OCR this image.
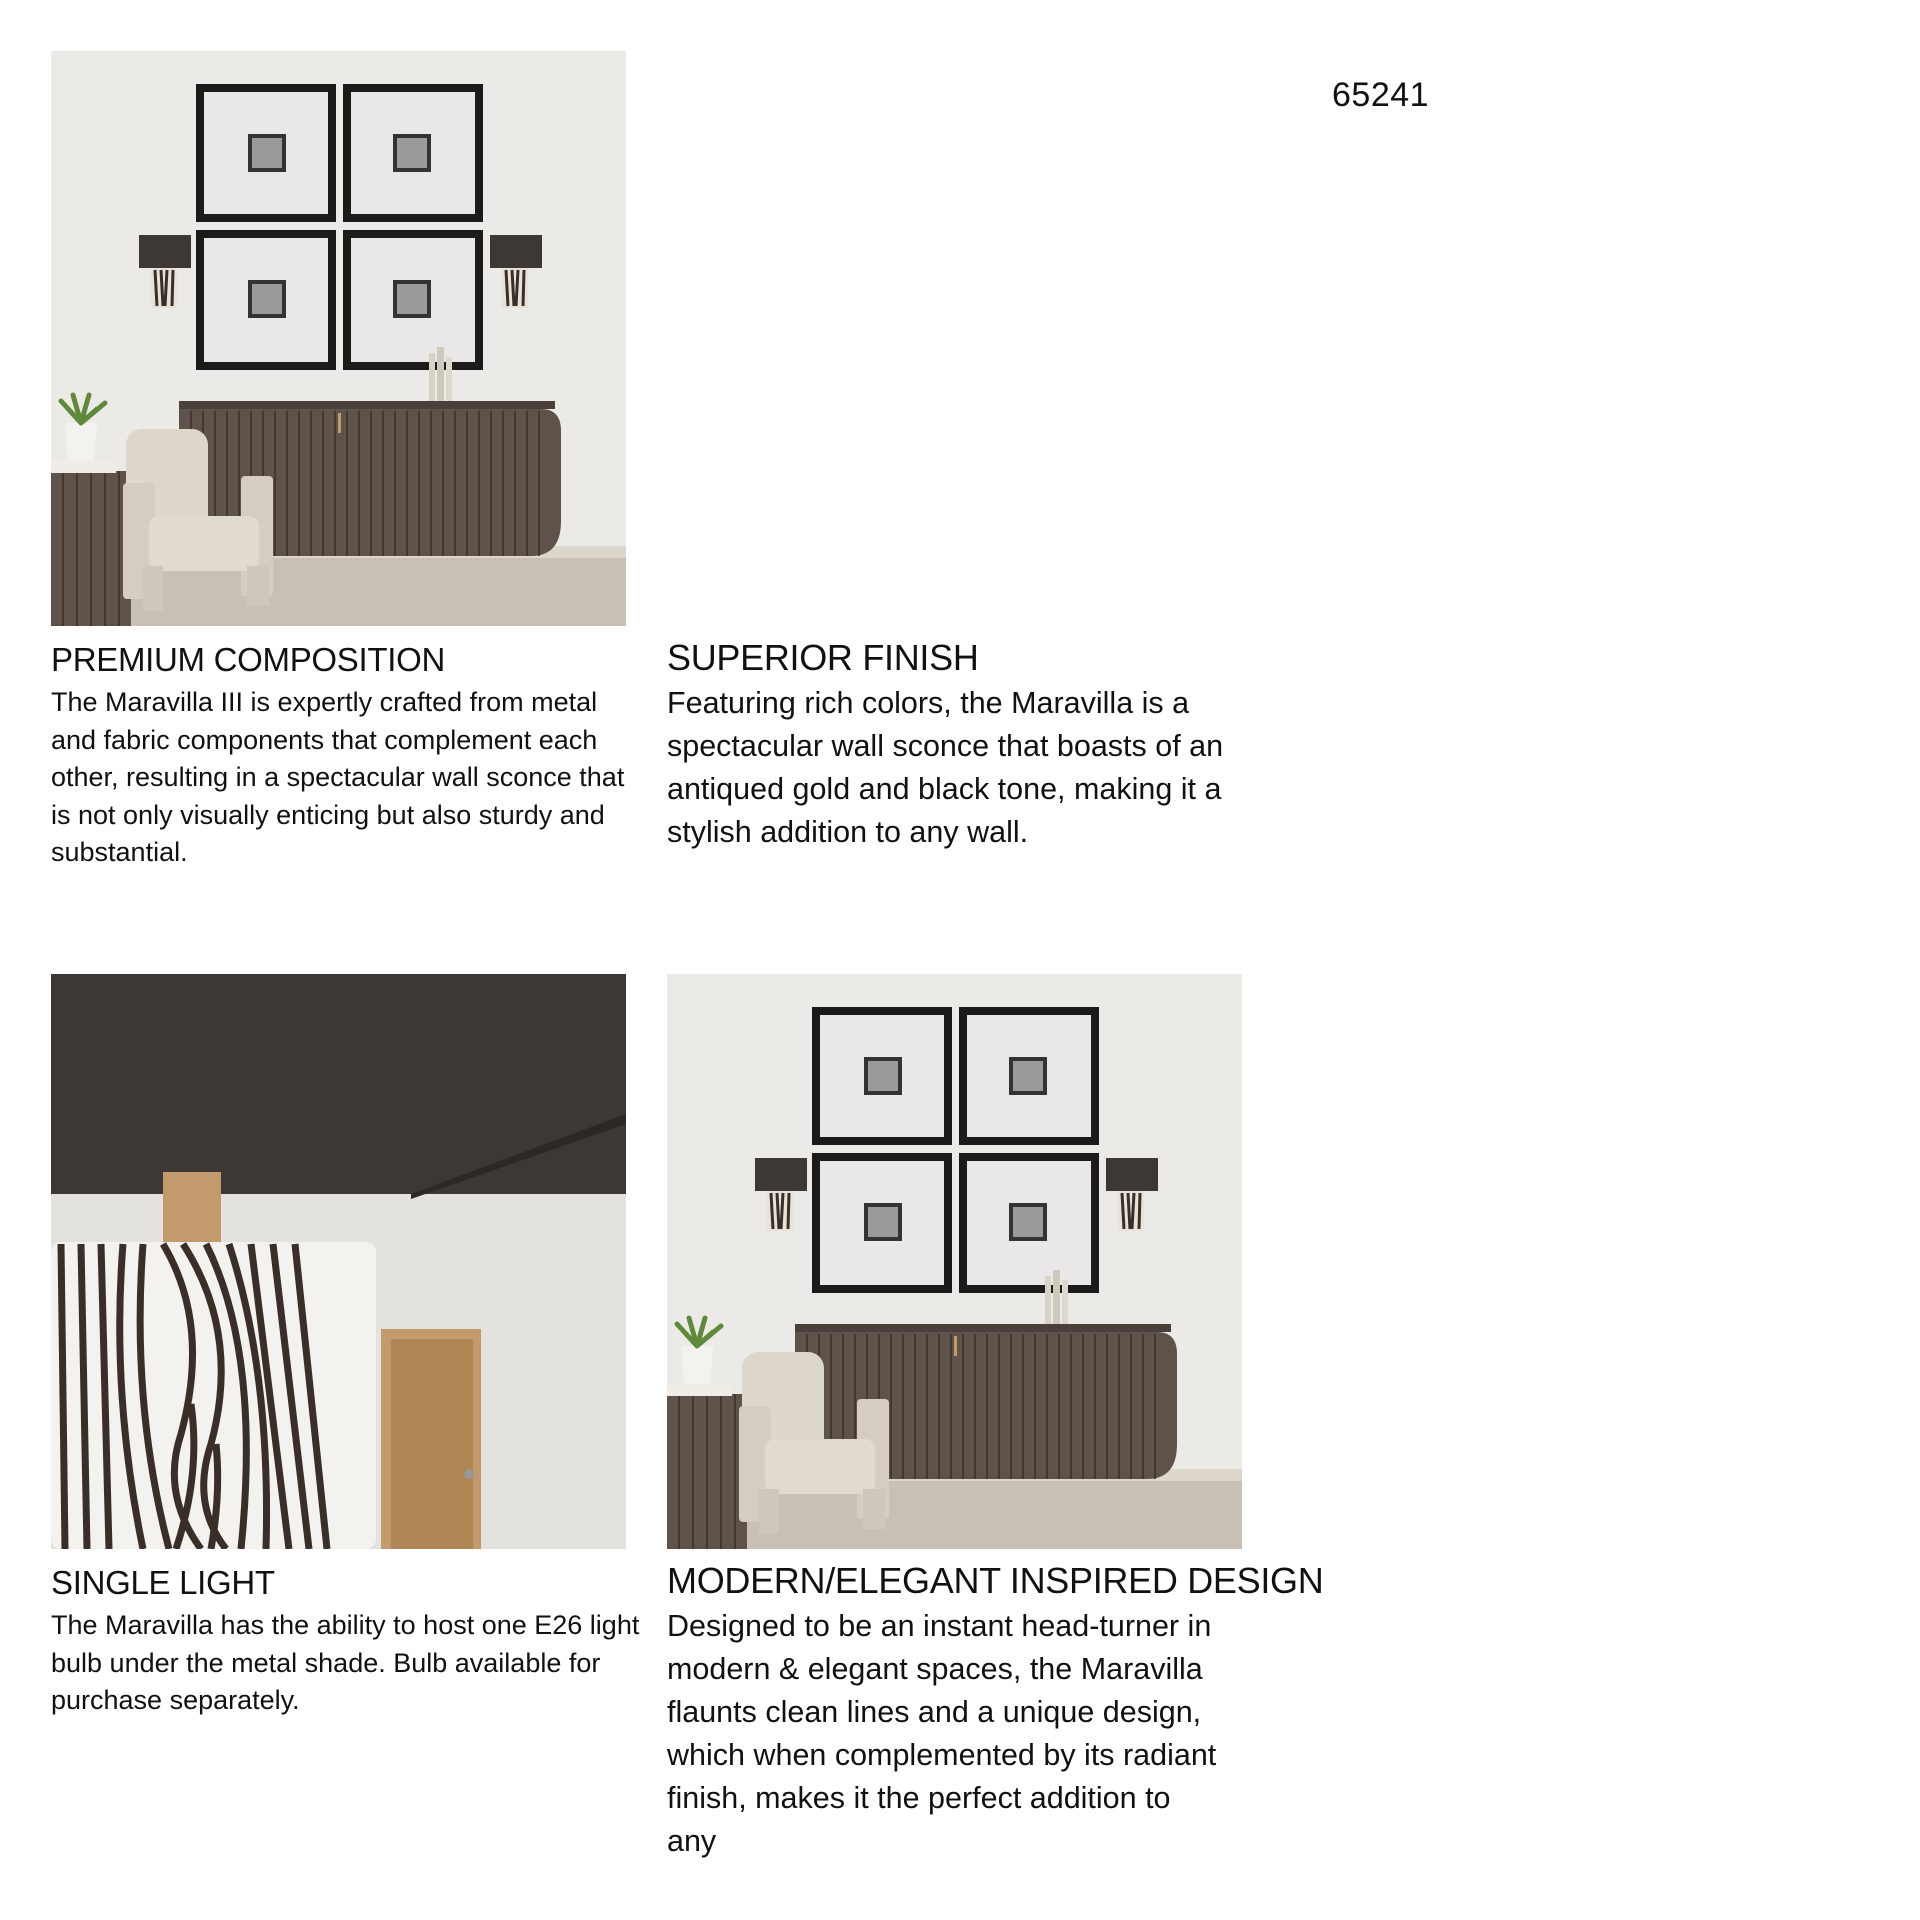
65241
PREMIUM COMPOSITION

The Maravilla III is expertly crafted from metal and fabric components that complement each other, resulting in a spectacular wall sconce that is not only visually enticing but also sturdy and substantial.

SUPERIOR FINISH

Featuring rich colors, the Maravilla is a spectacular wall sconce that boasts of an antiqued gold and black tone, making it a stylish addition to any wall.

SINGLE LIGHT

The Maravilla has the ability to host one E26 light bulb under the metal shade. Bulb available for purchase separately.

MODERN/ELEGANT INSPIRED DESIGN

Designed to be an instant head-turner in modern & elegant spaces, the Maravilla flaunts clean lines and a unique design, which when complemented by its radiant finish, makes it the perfect addition to any
